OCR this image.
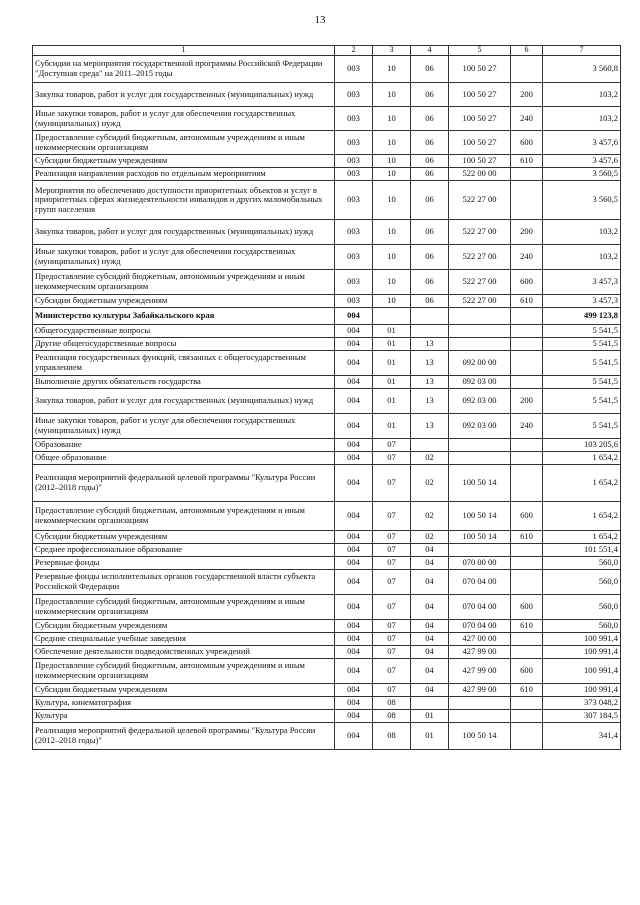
13
1	2	3	4	5	6	7
Субсидии на мероприятия государственной программы Российской Федерации "Доступная среда" на 2011–2015 годы	003	10	06	100 50 27		3 560,8
Закупка товаров, работ и услуг для государственных (муниципальных) нужд	003	10	06	100 50 27	200	103,2
Иные закупки товаров, работ и услуг для обеспечения государственных (муниципальных) нужд	003	10	06	100 50 27	240	103,2
Предоставление субсидий бюджетным, автономным учреждениям и иным некоммерческим организациям	003	10	06	100 50 27	600	3 457,6
Субсидии бюджетным учреждениям	003	10	06	100 50 27	610	3 457,6
Реализация направления расходов по отдельным мероприятиям	003	10	06	522 00 00		3 560,5
Мероприятия по обеспечению доступности приоритетных объектов и услуг в приоритетных сферах жизнедеятельности инвалидов и других маломобильных групп населения	003	10	06	522 27 00		3 560,5
Закупка товаров, работ и услуг для государственных (муниципальных) нужд	003	10	06	522 27 00	200	103,2
Иные закупки товаров, работ и услуг для обеспечения государственных (муниципальных) нужд	003	10	06	522 27 00	240	103,2
Предоставление субсидий бюджетным, автономным учреждениям и иным некоммерческим организациям	003	10	06	522 27 00	600	3 457,3
Субсидии бюджетным учреждениям	003	10	06	522 27 00	610	3 457,3
Министерство культуры Забайкальского края	004					499 123,8
Общегосударственные вопросы	004	01				5 541,5
Другие общегосударственные вопросы	004	01	13			5 541,5
Реализация государственных функций, связанных с общегосударственным управлением	004	01	13	092 00 00		5 541,5
Выполнение других обязательств государства	004	01	13	092 03 00		5 541,5
Закупка товаров, работ и услуг для государственных (муниципальных) нужд	004	01	13	092 03 00	200	5 541,5
Иные закупки товаров, работ и услуг для обеспечения государственных (муниципальных) нужд	004	01	13	092 03 00	240	5 541,5
Образование	004	07				103 205,6
Общее образование	004	07	02			1 654,2
Реализация мероприятий федеральной целевой программы "Культура России (2012–2018 годы)"	004	07	02	100 50 14		1 654,2
Предоставление субсидий бюджетным, автономным учреждениям и иным некоммерческим организациям	004	07	02	100 50 14	600	1 654,2
Субсидии бюджетным учреждениям	004	07	02	100 50 14	610	1 654,2
Среднее профессиональное образование	004	07	04			101 551,4
Резервные фонды	004	07	04	070 00 00		560,0
Резервные фонды исполнительных органов государственной власти субъекта Российской Федерации	004	07	04	070 04 00		560,0
Предоставление субсидий бюджетным, автономным учреждениям и иным некоммерческим организациям	004	07	04	070 04 00	600	560,0
Субсидии бюджетным учреждениям	004	07	04	070 04 00	610	560,0
Средние специальные учебные заведения	004	07	04	427 00 00		100 991,4
Обеспечение деятельности подведомственных учреждений	004	07	04	427 99 00		100 991,4
Предоставление субсидий бюджетным, автономным учреждениям и иным некоммерческим организациям	004	07	04	427 99 00	600	100 991,4
Субсидии бюджетным учреждениям	004	07	04	427 99 00	610	100 991,4
Культура, кинематография	004	08				373 048,2
Культура	004	08	01			307 184,5
Реализация мероприятий федеральной целевой программы "Культура России (2012–2018 годы)"	004	08	01	100 50 14		341,4
